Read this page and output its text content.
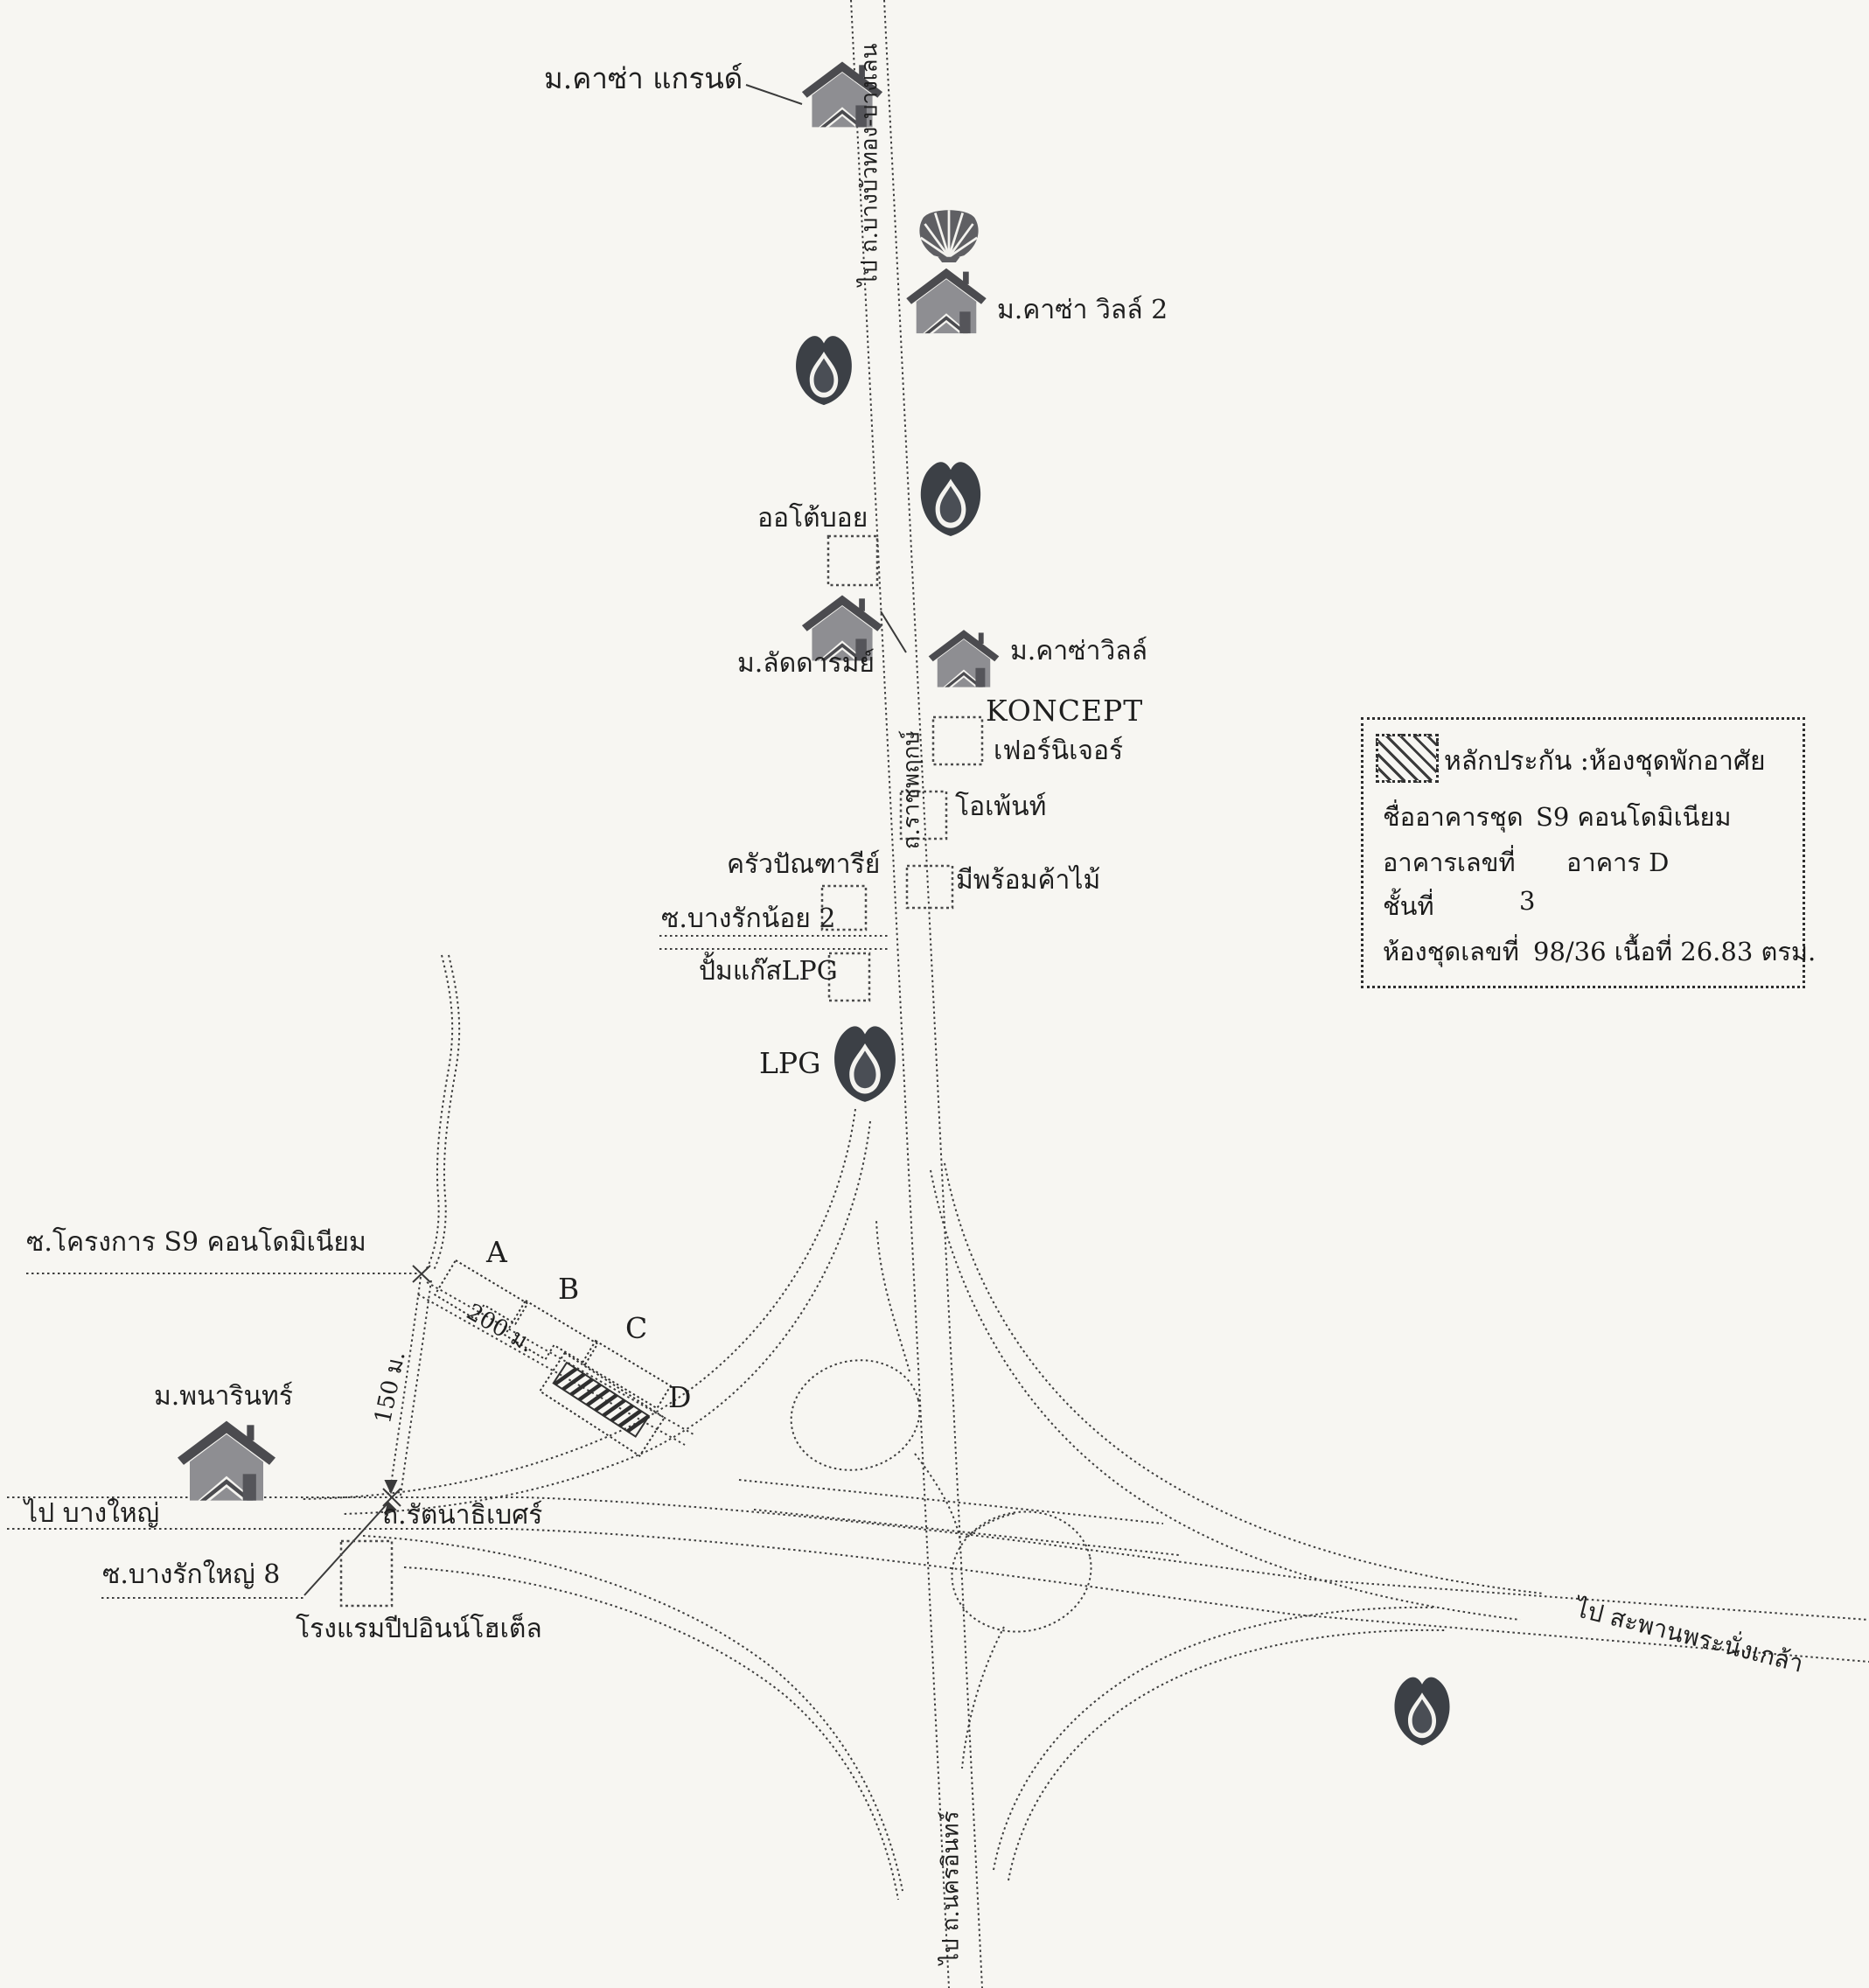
ม.คาซ่า แกรนด์
ม.คาซ่า วิลล์ 2
ออโต้บอย
ม.ลัดดารมย์	ม.คาซ่าวิลล์
KONCEPT
เฟอร์นิเจอร์
โอเพ้นท์
ครัวปัณฑารีย์
มีพร้อมค้าไม้
ซ.บางรักน้อย 2
ปั้มแก๊สLPG
LPG
ซ.โครงการ S9 คอนโดมิเนียม	A
B
C
D
200 ม.
150 ม.
ม.พนารินทร์
ไป บางใหญ่	ถ.รัตนาธิเบศร์
ซ.บางรักใหญ่ 8
โรงแรมปีปอินน์โฮเต็ล	ไป สะพานพระนั่งเกล้า
ไป ถ.บางบัวทอง-บางเลน
ถ.ราชพฤกษ์
ไป ถ.นครอินทร์
หลักประกัน :ห้องชุดพักอาศัย
ชื่ออาคารชุด S9 คอนโดมิเนียม
อาคารเลขที่ อาคาร D
ชั้นที่	3
ห้องชุดเลขที่ 98/36 เนื้อที่ 26.83 ตรม.
